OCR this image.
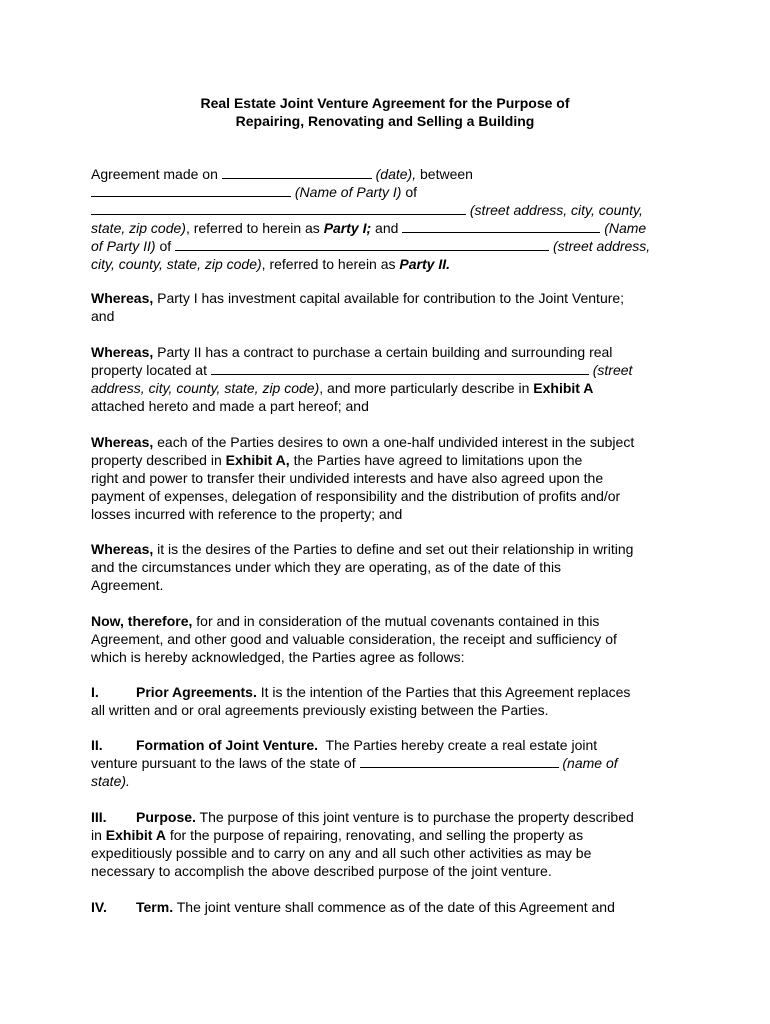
Real Estate Joint Venture Agreement for the Purpose of
Repairing, Renovating and Selling a Building
Agreement made on	(date), between
(Name of Party I) of
(street address, city, county,
state, zip code), referred to herein as Party I; and	(Name
of Party II) of	(street address,
city, county, state, zip code), referred to herein as Party II.
Whereas, Party I has investment capital available for contribution to the Joint Venture;
and
Whereas, Party II has a contract to purchase a certain building and surrounding real
property located at	(street
address, city, county, state, zip code), and more particularly describe in Exhibit A
attached hereto and made a part hereof; and
Whereas, each of the Parties desires to own a one-half undivided interest in the subject
property described in Exhibit A, the Parties have agreed to limitations upon the
right and power to transfer their undivided interests and have also agreed upon the
payment of expenses, delegation of responsibility and the distribution of profits and/or
losses incurred with reference to the property; and
Whereas, it is the desires of the Parties to define and set out their relationship in writing
and the circumstances under which they are operating, as of the date of this
Agreement.
Now, therefore, for and in consideration of the mutual covenants contained in this
Agreement, and other good and valuable consideration, the receipt and sufficiency of
which is hereby acknowledged, the Parties agree as follows:
I.	Prior Agreements. It is the intention of the Parties that this Agreement replaces
all written and or oral agreements previously existing between the Parties.
II. Formation of Joint Venture. The Parties hereby create a real estate joint
venture pursuant to the laws of the state of	(name of
state).
III. Purpose. The purpose of this joint venture is to purchase the property described
in Exhibit A for the purpose of repairing, renovating, and selling the property as
expeditiously possible and to carry on any and all such other activities as may be
necessary to accomplish the above described purpose of the joint venture.
IV. Term. The joint venture shall commence as of the date of this Agreement and
